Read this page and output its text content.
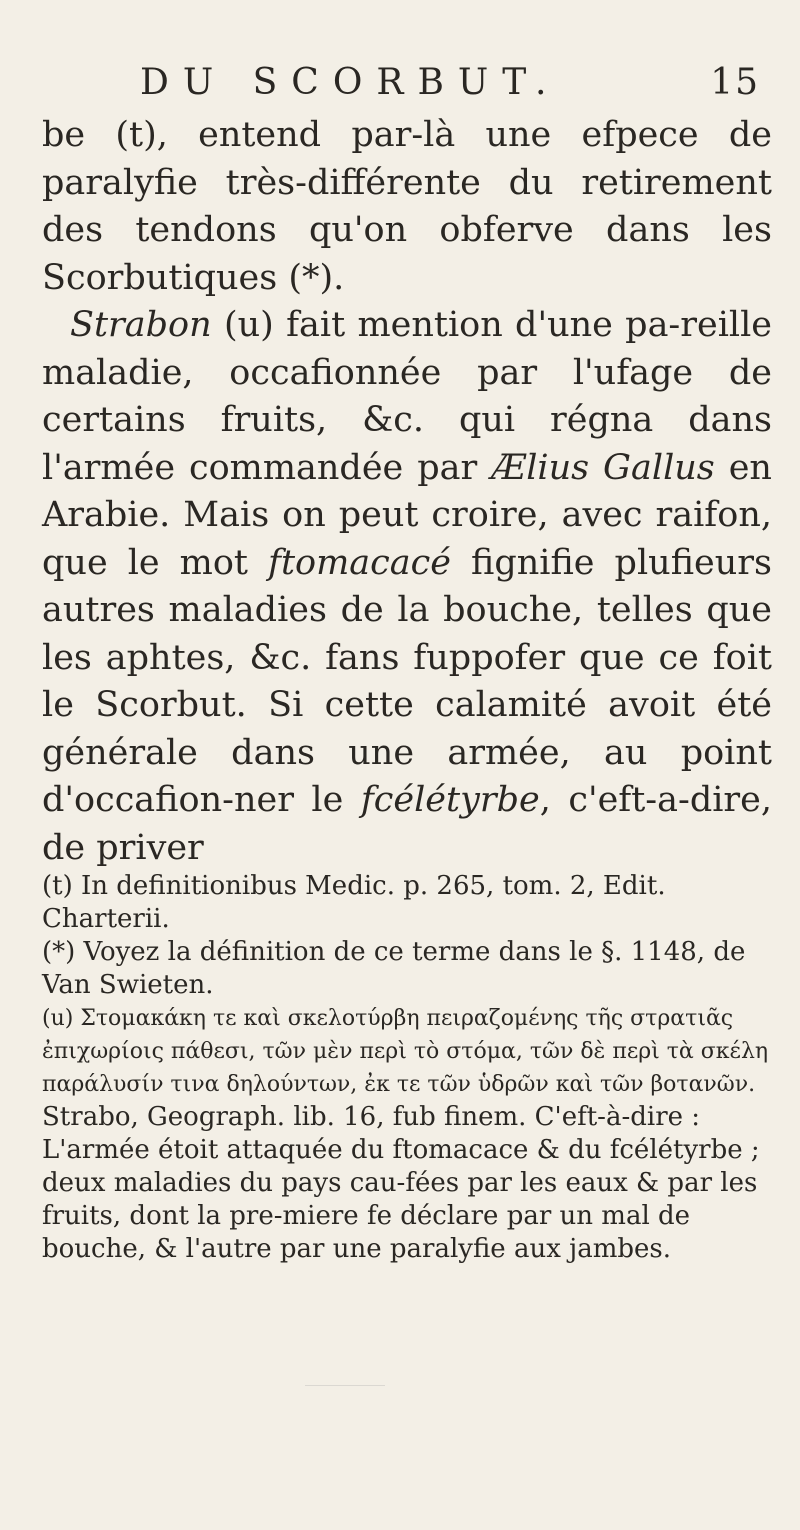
DU SCORBUT.	15

be (t), entend par-là une efpece de paralyfie très-différente du retirement des tendons qu'on obferve dans les Scorbutiques (*).

Strabon (u) fait mention d'une pa-reille maladie, occafionnée par l'ufage de certains fruits, &c. qui régna dans l'armée commandée par Ælius Gallus en Arabie. Mais on peut croire, avec raifon, que le mot ftomacacé fignifie plufieurs autres maladies de la bouche, telles que les aphtes, &c. fans fuppofer que ce foit le Scorbut. Si cette calamité avoit été générale dans une armée, au point d'occafion-ner le fcélétyrbe, c'eft-a-dire, de priver

(t) In definitionibus Medic. p. 265, tom. 2, Edit. Charterii.

(*) Voyez la définition de ce terme dans le §. 1148, de Van Swieten.

(u) Στομακάκη τε καὶ σκελοτύρβη πειραζομένης τῆς στρατιᾶς ἐπιχωρίοις πάθεσι, τῶν μὲν περὶ τὸ στόμα, τῶν δὲ περὶ τὰ σκέλη παράλυσίν τινα δηλούντων, ἐκ τε τῶν ὑδρῶν καὶ τῶν βοτανῶν.

Strabo, Geograph. lib. 16, fub finem. C'eft-à-dire : L'armée étoit attaquée du ftomacace & du fcélétyrbe ; deux maladies du pays cau-fées par les eaux & par les fruits, dont la pre-miere fe déclare par un mal de bouche, & l'autre par une paralyfie aux jambes.
